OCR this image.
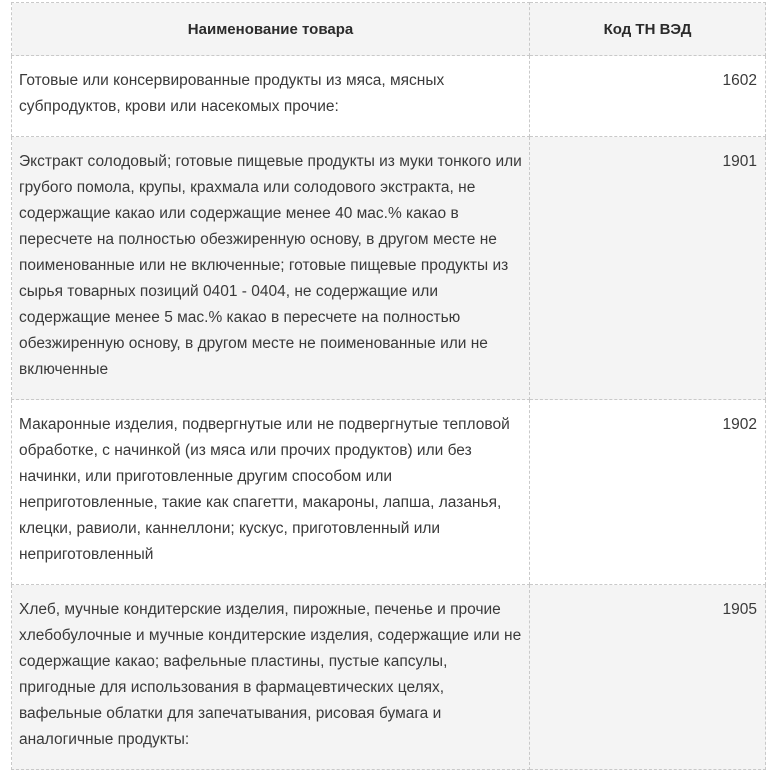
Наименование товара	Код ТН ВЭД
Готовые или консервированные продукты из мяса, мясных субпродуктов, крови или насекомых прочие:	1602
Экстракт солодовый; готовые пищевые продукты из муки тонкого или грубого помола, крупы, крахмала или солодового экстракта, не содержащие какао или содержащие менее 40 мас.% какао в пересчете на полностью обезжиренную основу, в другом месте не поименованные или не включенные; готовые пищевые продукты из сырья товарных позиций 0401 - 0404, не содержащие или содержащие менее 5 мас.% какао в пересчете на полностью обезжиренную основу, в другом месте не поименованные или не включенные	1901
Макаронные изделия, подвергнутые или не подвергнутые тепловой обработке, с начинкой (из мяса или прочих продуктов) или без начинки, или приготовленные другим способом или неприготовленные, такие как спагетти, макароны, лапша, лазанья, клецки, равиоли, каннеллони; кускус, приготовленный или неприготовленный	1902
Хлеб, мучные кондитерские изделия, пирожные, печенье и прочие хлебобулочные и мучные кондитерские изделия, содержащие или не содержащие какао; вафельные пластины, пустые капсулы, пригодные для использования в фармацевтических целях, вафельные облатки для запечатывания, рисовая бумага и аналогичные продукты:	1905
